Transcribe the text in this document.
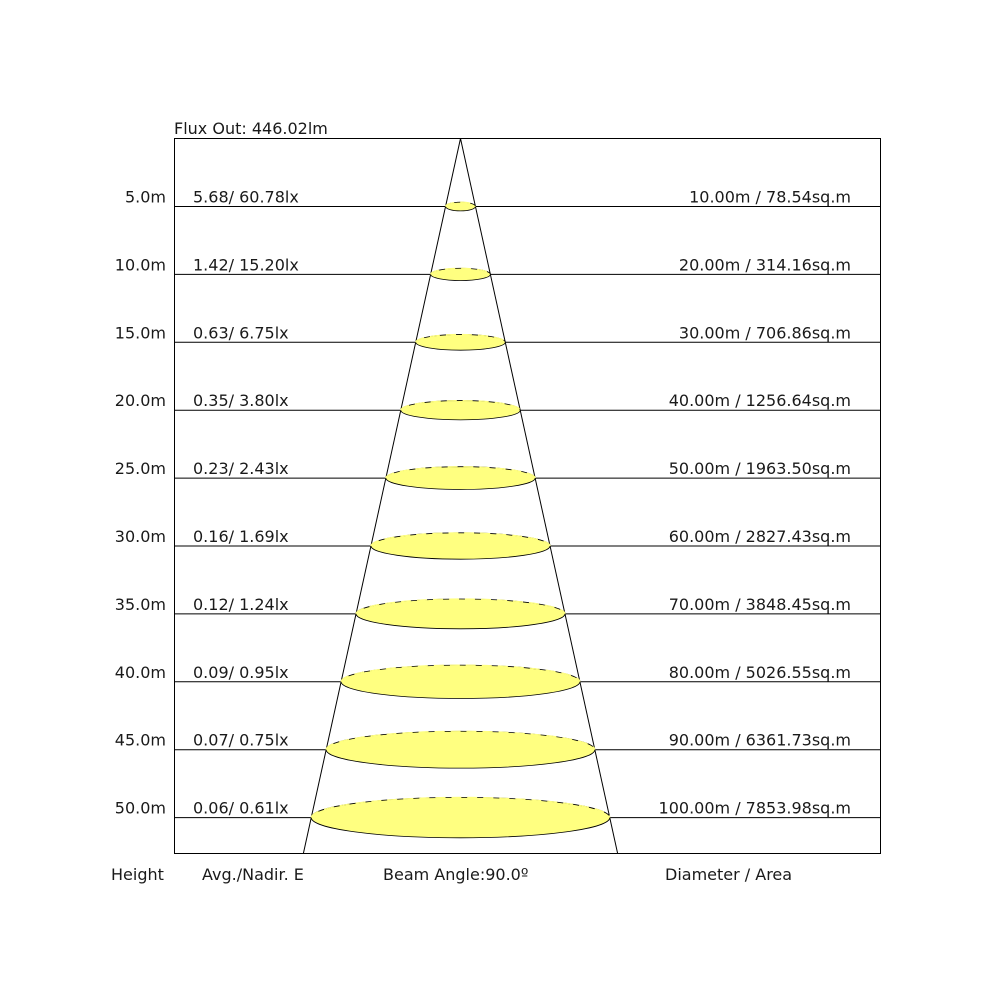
5.0m 5.68/ 60.78lx	10.00m / 78.54sq.m
10.0m 1.42/ 15.20lx	20.00m / 314.16sq.m
15.0m 0.63/ 6.75lx	30.00m / 706.86sq.m
20.0m 0.35/ 3.80lx	40.00m / 1256.64sq.m
25.0m 0.23/ 2.43lx	50.00m / 1963.50sq.m
30.0m 0.16/ 1.69lx	60.00m / 2827.43sq.m
35.0m 0.12/ 1.24lx	70.00m / 3848.45sq.m
40.0m 0.09/ 0.95lx	80.00m / 5026.55sq.m
45.0m 0.07/ 0.75lx	90.00m / 6361.73sq.m
50.0m 0.06/ 0.61lx	100.00m / 7853.98sq.m
Flux Out: 446.02lm
Height Avg./Nadir. E	Beam Angle:90.0º	Diameter / Area
